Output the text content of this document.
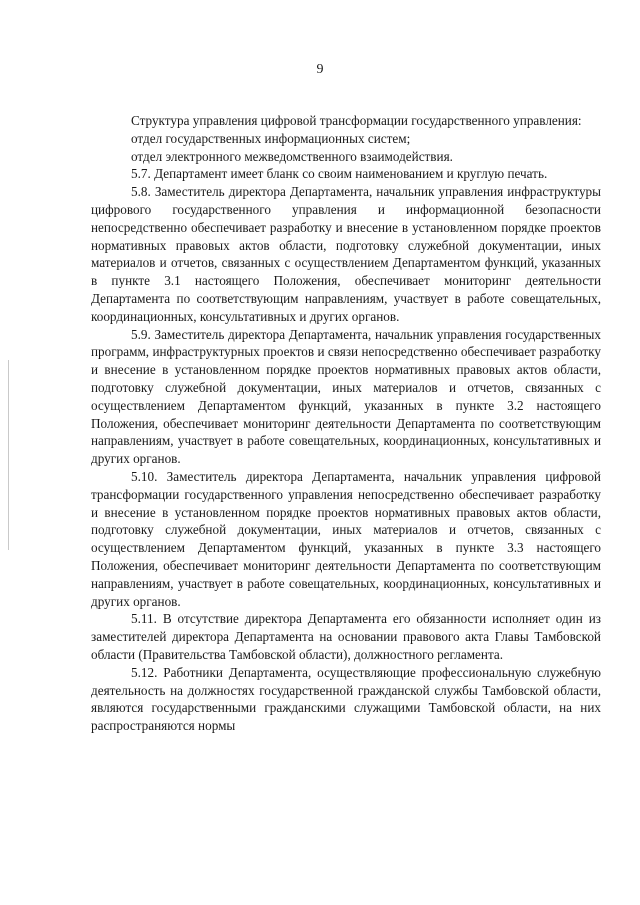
9

Структура управления цифровой трансформации государственного управления:

отдел государственных информационных систем;

отдел электронного межведомственного взаимодействия.

5.7. Департамент имеет бланк со своим наименованием и круглую печать.

5.8. Заместитель директора Департамента, начальник управления инфраструктуры цифрового государственного управления и информационной безопасности непосредственно обеспечивает разработку и внесение в установленном порядке проектов нормативных правовых актов области, подготовку служебной документации, иных материалов и отчетов, связанных с осуществлением Департаментом функций, указанных в пункте 3.1 настоящего Положения, обеспечивает мониторинг деятельности Департамента по соответствующим направлениям, участвует в работе совещательных, координационных, консультативных и других органов.

5.9. Заместитель директора Департамента, начальник управления государственных программ, инфраструктурных проектов и связи непосредственно обеспечивает разработку и внесение в установленном порядке проектов нормативных правовых актов области, подготовку служебной документации, иных материалов и отчетов, связанных с осуществлением Департаментом функций, указанных в пункте 3.2 настоящего Положения, обеспечивает мониторинг деятельности Департамента по соответствующим направлениям, участвует в работе совещательных, координационных, консультативных и других органов.

5.10. Заместитель директора Департамента, начальник управления цифровой трансформации государственного управления непосредственно обеспечивает разработку и внесение в установленном порядке проектов нормативных правовых актов области, подготовку служебной документации, иных материалов и отчетов, связанных с осуществлением Департаментом функций, указанных в пункте 3.3 настоящего Положения, обеспечивает мониторинг деятельности Департамента по соответствующим направлениям, участвует в работе совещательных, координационных, консультативных и других органов.

5.11. В отсутствие директора Департамента его обязанности исполняет один из заместителей директора Департамента на основании правового акта Главы Тамбовской области (Правительства Тамбовской области), должностного регламента.

5.12. Работники Департамента, осуществляющие профессиональную служебную деятельность на должностях государственной гражданской службы Тамбовской области, являются государственными гражданскими служащими Тамбовской области, на них распространяются нормы
